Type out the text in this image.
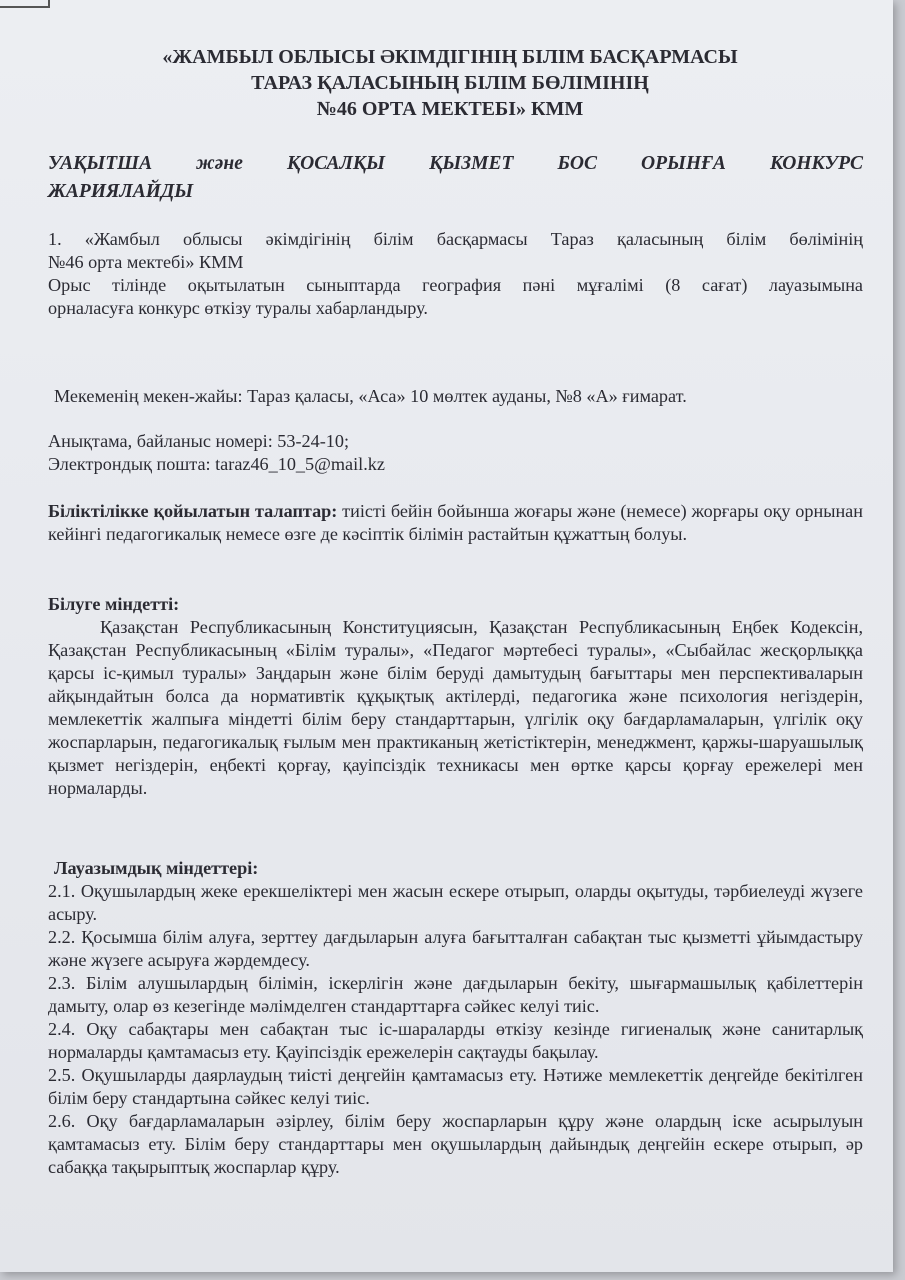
«ЖАМБЫЛ ОБЛЫСЫ ӘКІМДІГІНІҢ БІЛІМ БАСҚАРМАСЫ
ТАРАЗ ҚАЛАСЫНЫҢ БІЛІМ БӨЛІМІНІҢ
№46 ОРТА МЕКТЕБІ» КММ
УАҚЫТША және ҚОСАЛҚЫ ҚЫЗМЕТ БОС ОРЫНҒА КОНКУРС
ЖАРИЯЛАЙДЫ
1. «Жамбыл облысы әкімдігінің білім басқармасы Тараз қаласының білім бөлімінің
№46 орта мектебі» КММ
Орыс тілінде оқытылатын сыныптарда география пәні мұғалімі (8 сағат) лауазымына
орналасуға конкурс өткізу туралы хабарландыру.
Мекеменің мекен-жайы: Тараз қаласы, «Аса» 10 мөлтек ауданы, №8 «А» ғимарат.
Анықтама, байланыс номері: 53-24-10;
Электрондық пошта: taraz46_10_5@mail.kz
Біліктілікке қойылатын талаптар: тиісті бейін бойынша жоғары және (немесе) жорғары оқу орнынан кейінгі педагогикалық немесе өзге де кәсіптік білімін растайтын құжаттың болуы.
Білуге міндетті:
Қазақстан Республикасының Конституциясын, Қазақстан Республикасының Еңбек Кодексін, Қазақстан Республикасының «Білім туралы», «Педагог мәртебесі туралы», «Сыбайлас жесқорлыққа қарсы іс-қимыл туралы» Заңдарын және білім беруді дамытудың бағыттары мен перспективаларын айқындайтын болса да нормативтік құқықтық актілерді, педагогика және психология негіздерін, мемлекеттік жалпыға міндетті білім беру стандарттарын, үлгілік оқу бағдарламаларын, үлгілік оқу жоспарларын, педагогикалық ғылым мен практиканың жетістіктерін, менеджмент, қаржы-шаруашылық қызмет негіздерін, еңбекті қорғау, қауіпсіздік техникасы мен өртке қарсы қорғау ережелері мен нормаларды.
Лауазымдық міндеттері:
2.1. Оқушылардың жеке ерекшеліктері мен жасын ескере отырып, оларды оқытуды, тәрбиелеуді жүзеге асыру.
2.2. Қосымша білім алуға, зерттеу дағдыларын алуға бағытталған сабақтан тыс қызметті ұйымдастыру және жүзеге асыруға жәрдемдесу.
2.3. Білім алушылардың білімін, іскерлігін және дағдыларын бекіту, шығармашылық қабілеттерін дамыту, олар өз кезегінде мәлімделген стандарттарға сәйкес келуі тиіс.
2.4. Оқу сабақтары мен сабақтан тыс іс-шараларды өткізу кезінде гигиеналық және санитарлық нормаларды қамтамасыз ету. Қауіпсіздік ережелерін сақтауды бақылау.
2.5. Оқушыларды даярлаудың тиісті деңгейін қамтамасыз ету. Нәтиже мемлекеттік деңгейде бекітілген білім беру стандартына сәйкес келуі тиіс.
2.6. Оқу бағдарламаларын әзірлеу, білім беру жоспарларын құру және олардың іске асырылуын қамтамасыз ету. Білім беру стандарттары мен оқушылардың дайындық деңгейін ескере отырып, әр сабаққа тақырыптық жоспарлар құру.
